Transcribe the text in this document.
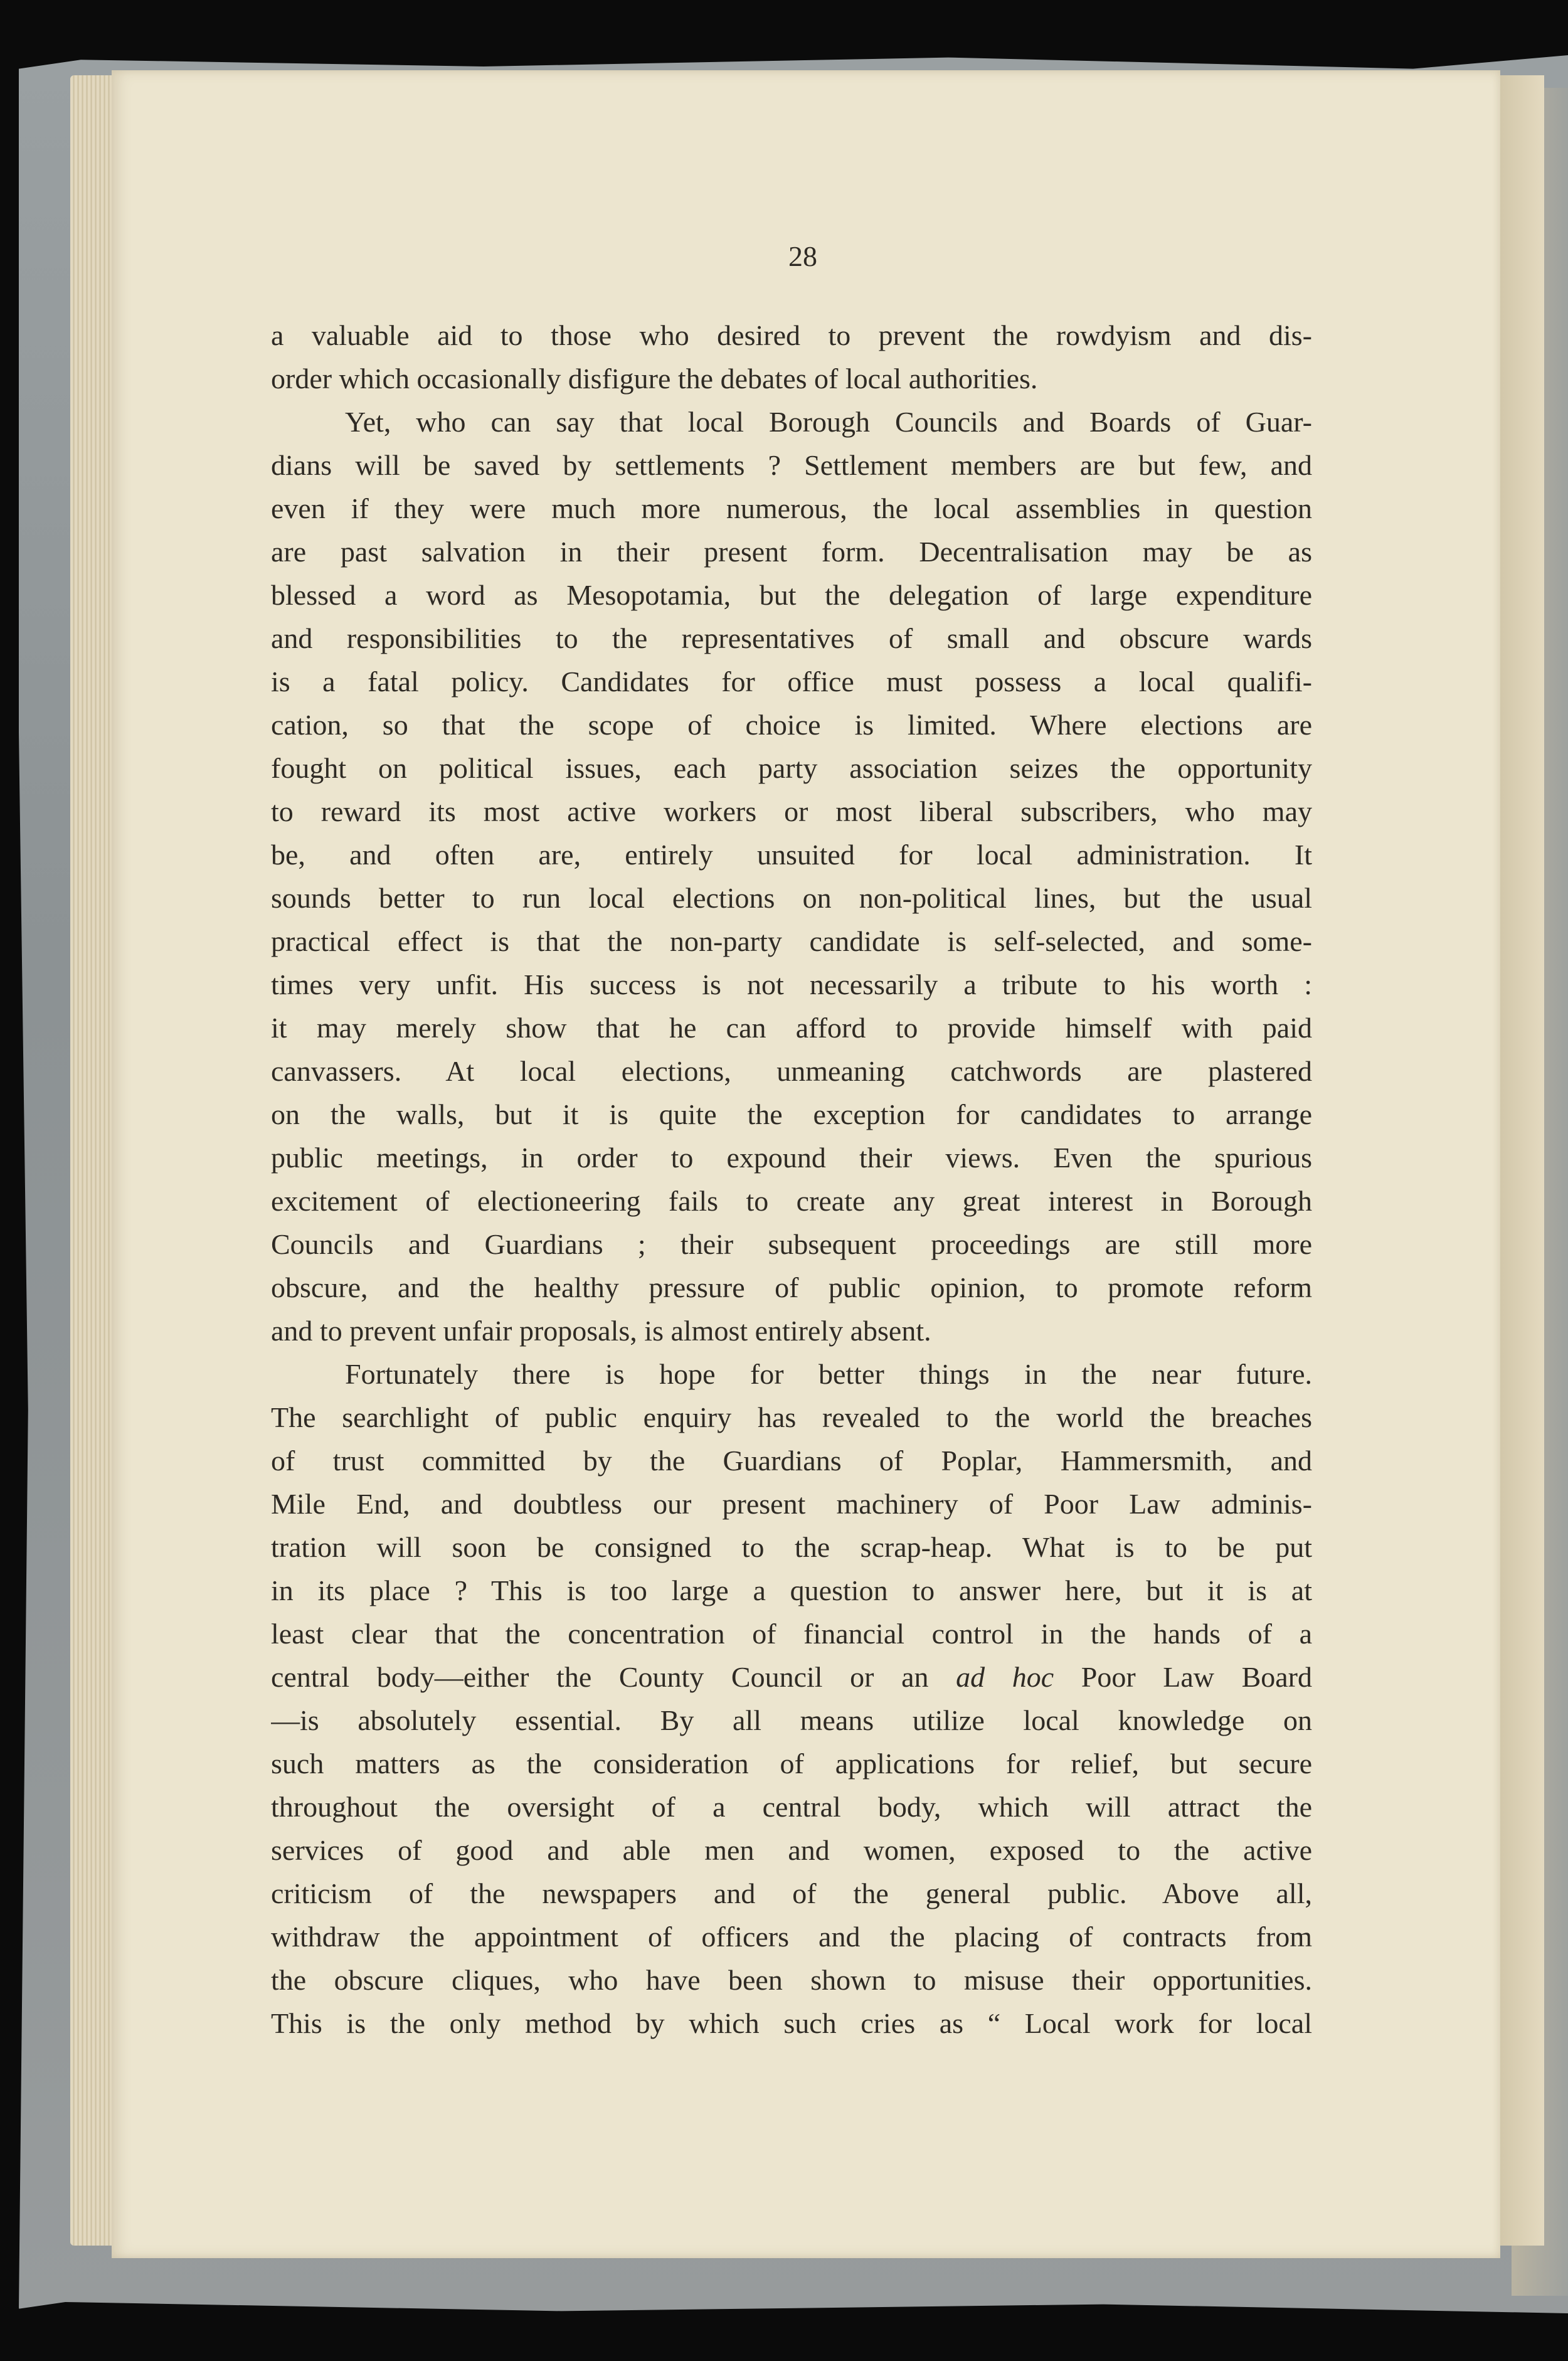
28
a valuable aid to those who desired to prevent the rowdyism and dis-
order which occasionally disfigure the debates of local authorities.
Yet, who can say that local Borough Councils and Boards of Guar-
dians will be saved by settlements ? Settlement members are but few, and
even if they were much more numerous, the local assemblies in question
are past salvation in their present form. Decentralisation may be as
blessed a word as Mesopotamia, but the delegation of large expenditure
and responsibilities to the representatives of small and obscure wards
is a fatal policy. Candidates for office must possess a local qualifi-
cation, so that the scope of choice is limited. Where elections are
fought on political issues, each party association seizes the opportunity
to reward its most active workers or most liberal subscribers, who may
be, and often are, entirely unsuited for local administration. It
sounds better to run local elections on non-political lines, but the usual
practical effect is that the non-party candidate is self-selected, and some-
times very unfit. His success is not necessarily a tribute to his worth :
it may merely show that he can afford to provide himself with paid
canvassers. At local elections, unmeaning catchwords are plastered
on the walls, but it is quite the exception for candidates to arrange
public meetings, in order to expound their views. Even the spurious
excitement of electioneering fails to create any great interest in Borough
Councils and Guardians ; their subsequent proceedings are still more
obscure, and the healthy pressure of public opinion, to promote reform
and to prevent unfair proposals, is almost entirely absent.
Fortunately there is hope for better things in the near future.
The searchlight of public enquiry has revealed to the world the breaches
of trust committed by the Guardians of Poplar, Hammersmith, and
Mile End, and doubtless our present machinery of Poor Law adminis-
tration will soon be consigned to the scrap-heap. What is to be put
in its place ? This is too large a question to answer here, but it is at
least clear that the concentration of financial control in the hands of a
central body—either the County Council or an ad hoc Poor Law Board
—is absolutely essential. By all means utilize local knowledge on
such matters as the consideration of applications for relief, but secure
throughout the oversight of a central body, which will attract the
services of good and able men and women, exposed to the active
criticism of the newspapers and of the general public. Above all,
withdraw the appointment of officers and the placing of contracts from
the obscure cliques, who have been shown to misuse their opportunities.
This is the only method by which such cries as “ Local work for local
